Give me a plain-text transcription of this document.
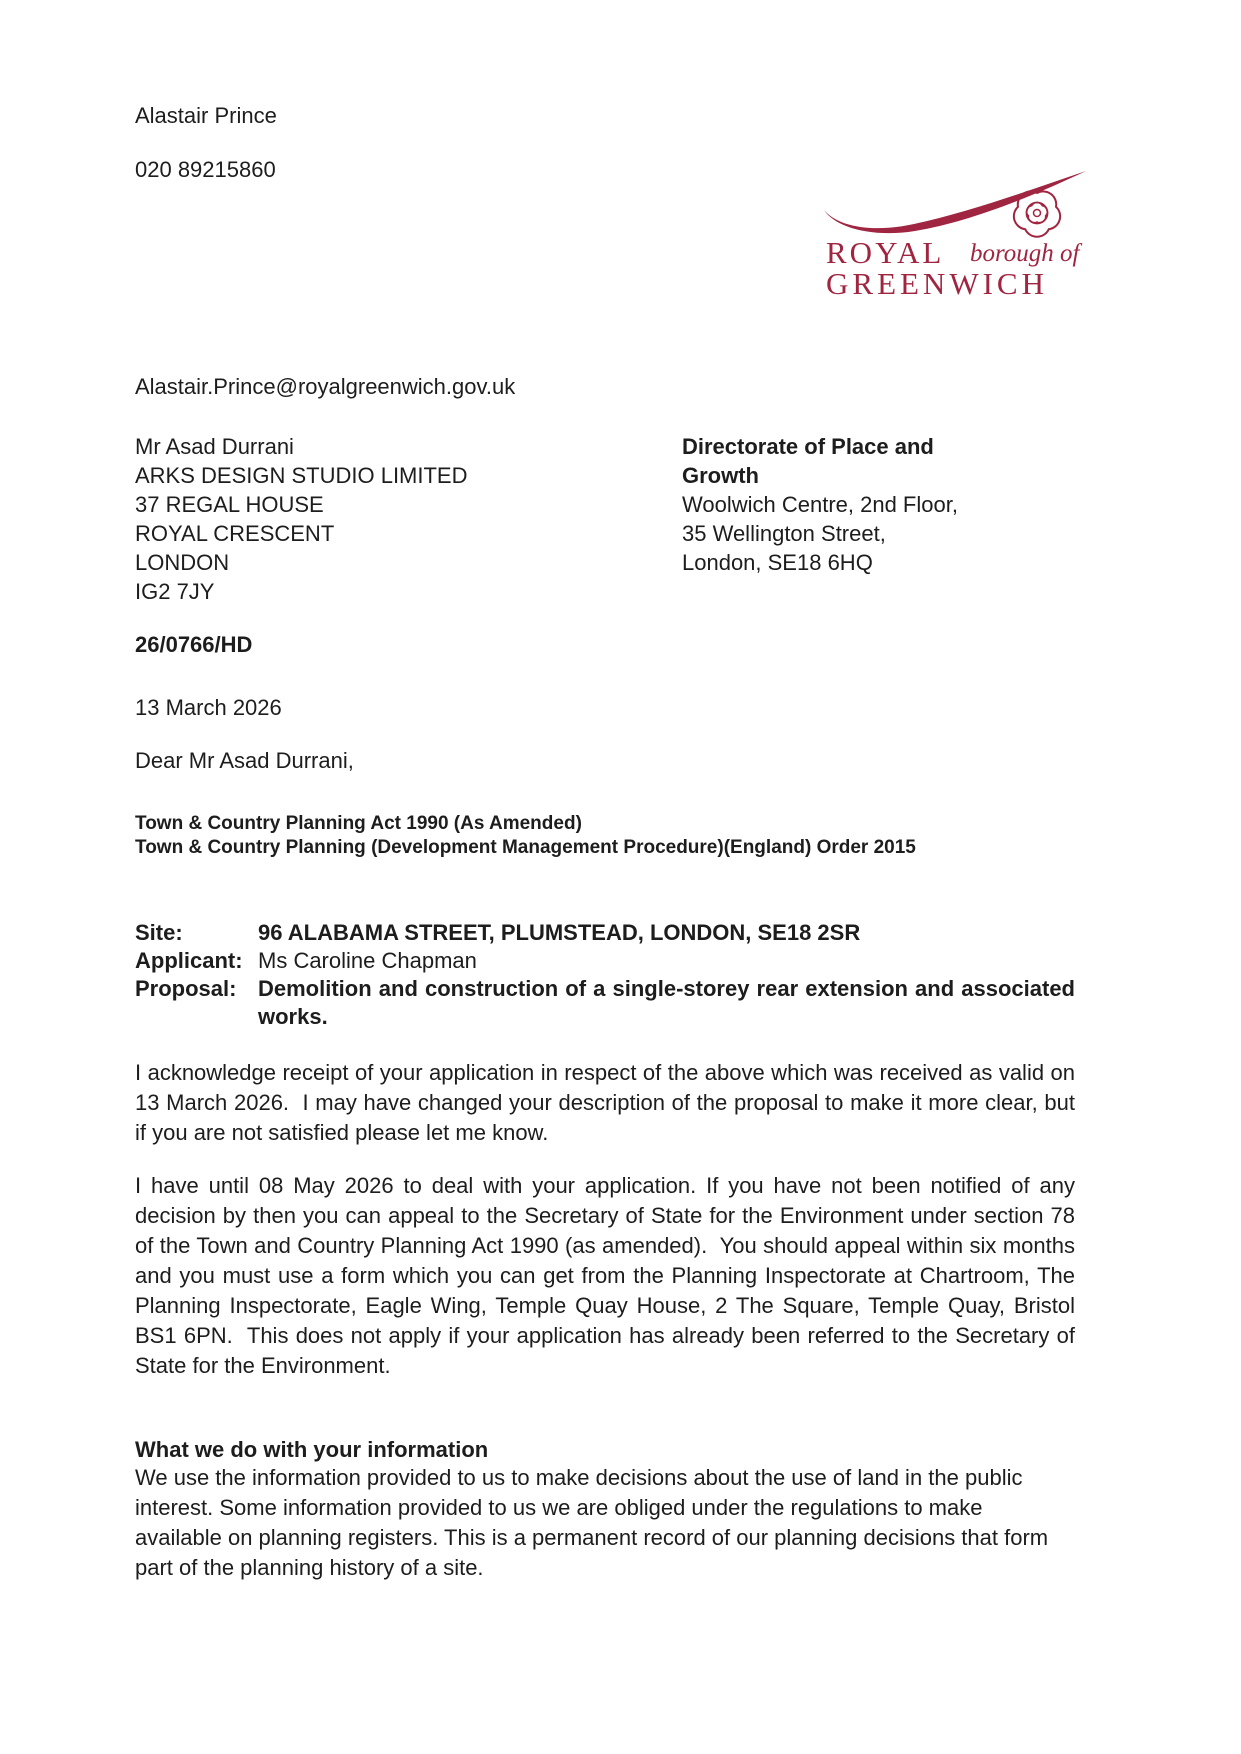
Alastair Prince
020 89215860
ROYAL borough of
GREENWICH
Alastair.Prince@royalgreenwich.gov.uk
Mr Asad Durrani
ARKS DESIGN STUDIO LIMITED
37 REGAL HOUSE
ROYAL CRESCENT
LONDON
IG2 7JY
Directorate of Place and Growth
Woolwich Centre, 2nd Floor,
35 Wellington Street,
London, SE18 6HQ
26/0766/HD
13 March 2026
Dear Mr Asad Durrani,
Town & Country Planning Act 1990 (As Amended)
Town & Country Planning (Development Management Procedure)(England) Order 2015
Site:	96 ALABAMA STREET, PLUMSTEAD, LONDON, SE18 2SR
Applicant: Ms Caroline Chapman
Proposal: Demolition and construction of a single-storey rear extension and associated works.
I acknowledge receipt of your application in respect of the above which was received as valid on 13 March 2026.  I may have changed your description of the proposal to make it more clear, but if you are not satisfied please let me know.
I have until 08 May 2026 to deal with your application. If you have not been notified of any decision by then you can appeal to the Secretary of State for the Environment under section 78 of the Town and Country Planning Act 1990 (as amended).  You should appeal within six months and you must use a form which you can get from the Planning Inspectorate at Chartroom, The Planning Inspectorate, Eagle Wing, Temple Quay House, 2 The Square, Temple Quay, Bristol BS1 6PN.  This does not apply if your application has already been referred to the Secretary of State for the Environment.
What we do with your information
We use the information provided to us to make decisions about the use of land in the public interest. Some information provided to us we are obliged under the regulations to make available on planning registers. This is a permanent record of our planning decisions that form part of the planning history of a site.
